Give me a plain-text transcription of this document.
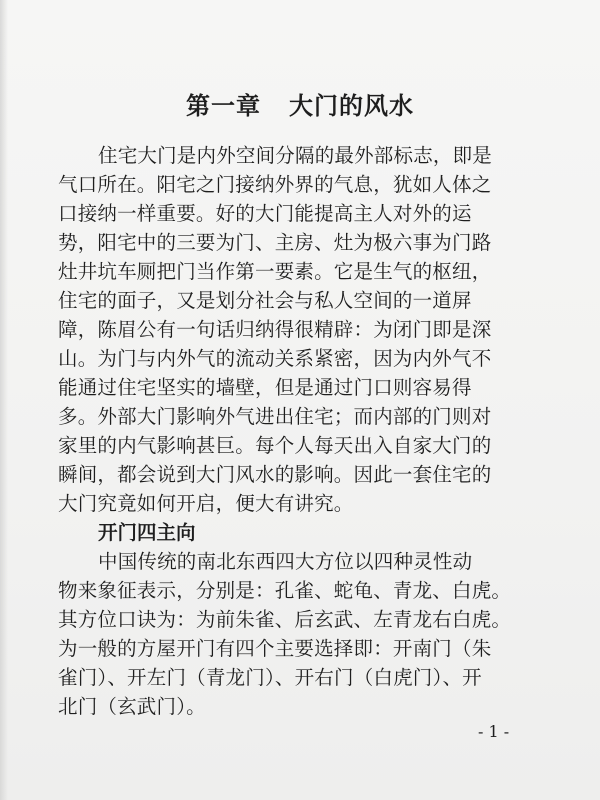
第一章   大门的风水
住宅大门是内外空间分隔的最外部标志，即是
气口所在。阳宅之门接纳外界的气息，犹如人体之
口接纳一样重要。好的大门能提高主人对外的运
势，阳宅中的三要为门、主房、灶为极六事为门路
灶井坑车厕把门当作第一要素。它是生气的枢纽，
住宅的面子，又是划分社会与私人空间的一道屏
障，陈眉公有一句话归纳得很精辟：为闭门即是深
山。为门与内外气的流动关系紧密，因为内外气不
能通过住宅坚实的墙壁，但是通过门口则容易得
多。外部大门影响外气进出住宅；而内部的门则对
家里的内气影响甚巨。每个人每天出入自家大门的
瞬间，都会说到大门风水的影响。因此一套住宅的
大门究竟如何开启，便大有讲究。
开门四主向
中国传统的南北东西四大方位以四种灵性动
物来象征表示，分别是：孔雀、蛇龟、青龙、白虎。
其方位口诀为：为前朱雀、后玄武、左青龙右白虎。
为一般的方屋开门有四个主要选择即：开南门（朱
雀门）、开左门（青龙门）、开右门（白虎门）、开
北门（玄武门）。
- 1 -
